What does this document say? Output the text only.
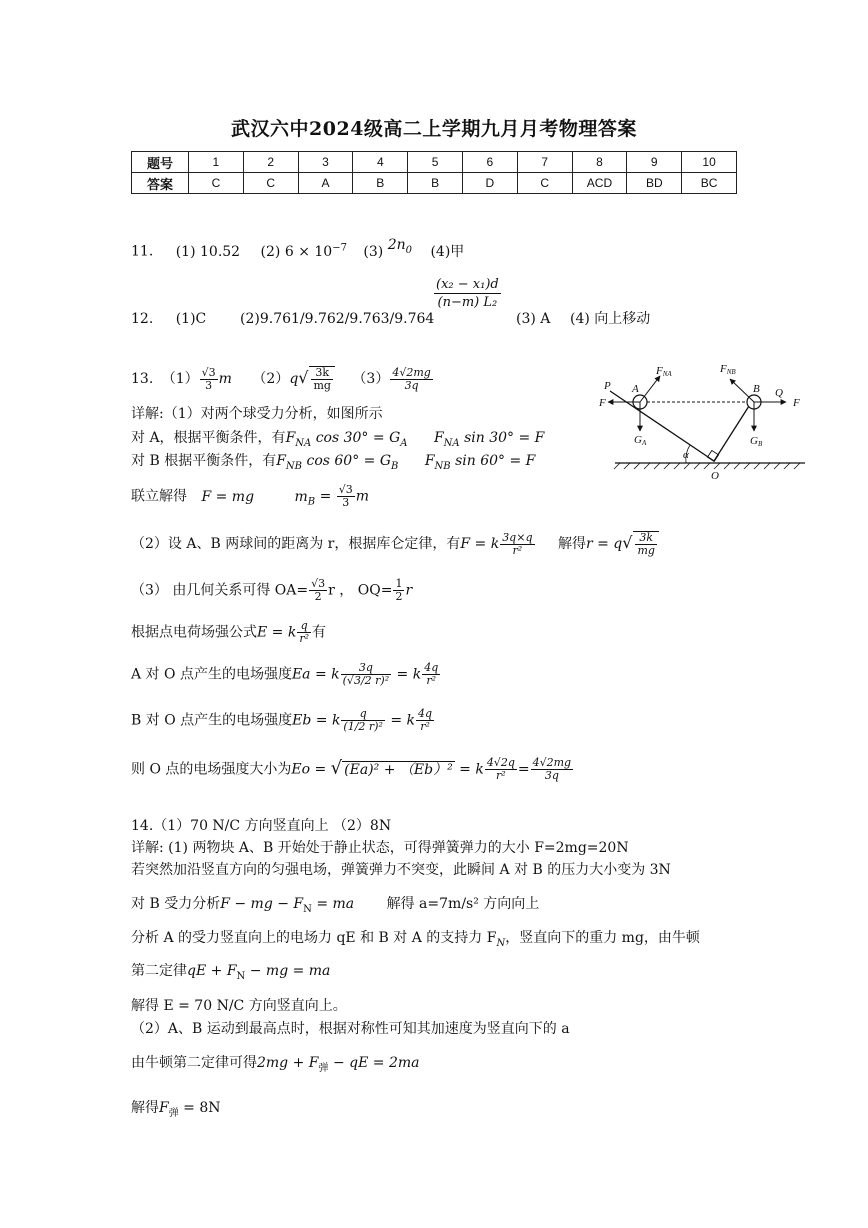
武汉六中2024级高二上学期九月月考物理答案
题号	1	2	3	4	5	6	7	8	9	10
答案	C	C	A	B	B	D	C	ACD	BD	BC
11. (1) 10.52 (2) $6 \times 10^{-7}$ (3) $2n_0$ (4)甲
$\frac{\text{(x₂ − x₁)d}}{\text{(n−m) L₂}}$
12. (1)C (2)9.761/9.762/9.763/9.764	(3) A (4) 向上移动
13. $(1) \frac{√3}{3}$ m $(2)q√ \frac{3k}{mg} (3) \frac{4√2mg}{3q}$	P A	B Q
F	F
FNA	FNB
GA	GB
α
O
详解:（1）对两个球受力分析，如图所示
对 A，根据平衡条件，有$F_{NA}$ $\cos 30^\circ = G_A$ $F_{NA}$ sin 30° = F
对 B 根据平衡条件，有$F_{NB}$ $\cos 60^\circ = G_B$ $F_{NB}$ sin 60° = F
联立解得 F = mg	$m_B = \frac{√3}{3}$ m
（2）设 A、B 两球间的距离为 r，根据库仑定律，有F = k $\frac{3q\times q}{\text{r²}}$ 解得$r = q√ \frac{3k}{mg}$
（3） 由几何关系可得 $OA= \frac{√3}{2}$ r ， $OQ= \frac{1}{2}$ r
根据点电荷场强公式E = k $\frac{q}{\text{r²}}$ 有
A 对 O 点产生的电场强度Ea = k $\frac{3q}{\text{(√3/2 r)²}} = k \frac{4q}{\text{r²}}$
B 对 O 点产生的电场强度Eb = k $\frac{q}{\text{(1/2 r)²}} = k \frac{4q}{\text{r²}}$
则 O 点的电场强度大小为Eo = √ (Ea)² + （Eb）² = k $\frac{4√2q}{\text{r²}} = \frac{4√2mg}{3q}$
14.（1）70 N/C 方向竖直向上 （2）8N
详解: (1) 两物块 A、B 开始处于静止状态，可得弹簧弹力的大小 F=2mg=20N
若突然加沿竖直方向的匀强电场，弹簧弹力不突变，此瞬间 A 对 B 的压力大小变为 3N
对 B 受力分析F − mg − $F_N$ = ma 解得 a=7m/s² 方向向上
分析 A 的受力竖直向上的电场力 qE 和 B 对 A 的支持力 $F_N$，竖直向下的重力 mg，由牛顿
第二定律qE + $F_N$ − mg = ma
解得 E = 70 N/C 方向竖直向上。
（2）A、B 运动到最高点时，根据对称性可知其加速度为竖直向下的 a
由牛顿第二定律可得$2mg + F_弹$ − qE = 2ma
解得$F_弹 = 8N$
